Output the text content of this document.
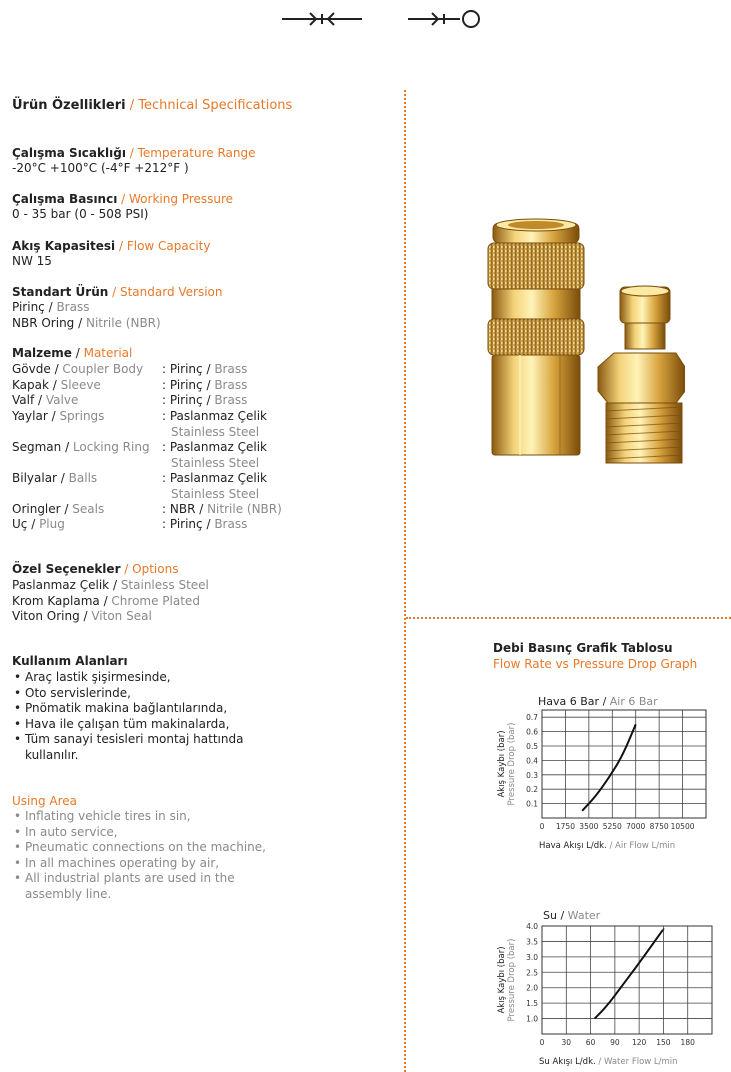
Ürün Özellikleri / Technical Specifications
Çalışma Sıcaklığı / Temperature Range
-20°C +100°C (-4°F +212°F )
Çalışma Basıncı / Working Pressure
0 - 35 bar (0 - 508 PSI)
Akış Kapasitesi / Flow Capacity
NW 15
Standart Ürün / Standard Version
Pirinç / Brass
NBR Oring / Nitrile (NBR)
Malzeme / Material
Gövde / Coupler Body : Pirinç / Brass
Kapak / Sleeve	: Pirinç / Brass
Valf / Valve	: Pirinç / Brass
Yaylar / Springs	: Paslanmaz Çelik
Stainless Steel
Segman / Locking Ring : Paslanmaz Çelik
Stainless Steel
Bilyalar / Balls	: Paslanmaz Çelik
Stainless Steel
Oringler / Seals	: NBR / Nitrile (NBR)
Uç / Plug	: Pirinç / Brass
Özel Seçenekler / Options
Paslanmaz Çelik / Stainless Steel
Krom Kaplama / Chrome Plated
Viton Oring / Viton Seal
Kullanım Alanları
• Araç lastik şişirmesinde,
• Oto servislerinde,
• Pnömatik makina bağlantılarında,
• Hava ile çalışan tüm makinalarda,
• Tüm sanayi tesisleri montaj hattında
kullanılır.
Using Area
• Inflating vehicle tires in sin,
• In auto service,
• Pneumatic connections on the machine,
• In all machines operating by air,
• All industrial plants are used in the
assembly line.
Debi Basınç Grafik Tablosu
Flow Rate vs Pressure Drop Graph
Hava 6 Bar / Air 6 Bar
0 1750 3500 5250 7000 8750 10500
0.1
0.2
0.3
0.4
0.5
0.6
0.7
Akış Kaybı (bar) Pressure Drop (bar)
Hava Akışı L/dk. / Air Flow L/min
Su / Water
0 30 60 90 120 150 180
1.0
1.5
2.0
2.5
3.0
3.5
4.0
Akış Kaybı (bar) Pressure Drop (bar)
Su Akışı L/dk. / Water Flow L/min
